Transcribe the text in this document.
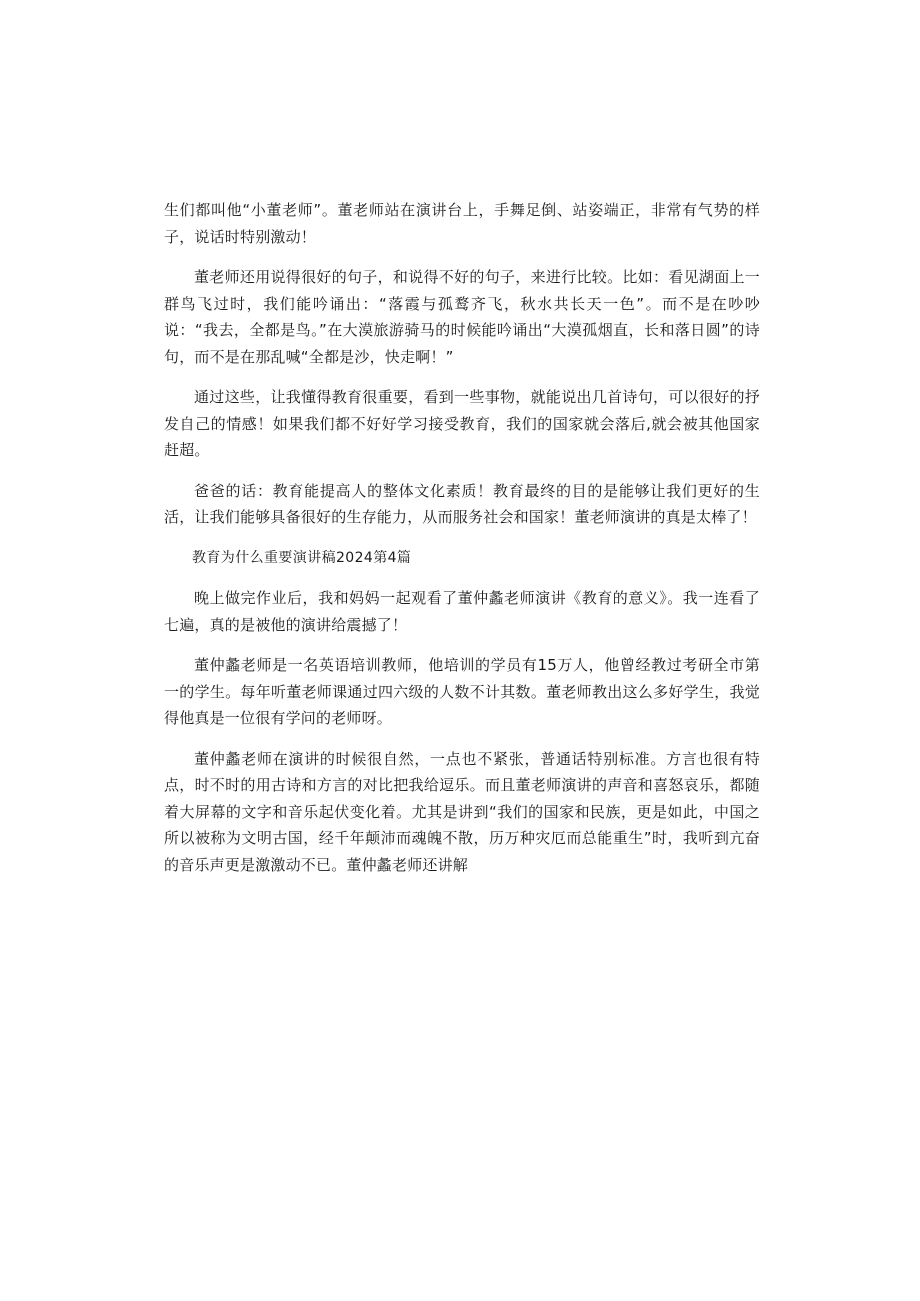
生们都叫他“小董老师”。董老师站在演讲台上，手舞足倒、站姿端正，非常有气势的样子，说话时特别激动！

董老师还用说得很好的句子，和说得不好的句子，来进行比较。比如：看见湖面上一群鸟飞过时，我们能吟诵出：“落霞与孤鹜齐飞，秋水共长天一色”。而不是在吵吵说：“我去，全都是鸟。”在大漠旅游骑马的时候能吟诵出“大漠孤烟直，长和落日圆”的诗句，而不是在那乱喊“全都是沙，快走啊！”

通过这些，让我懂得教育很重要，看到一些事物，就能说出几首诗句，可以很好的抒发自己的情感！如果我们都不好好学习接受教育，我们的国家就会落后,就会被其他国家赶超。

爸爸的话：教育能提高人的整体文化素质！教育最终的目的是能够让我们更好的生活，让我们能够具备很好的生存能力，从而服务社会和国家！董老师演讲的真是太棒了！

教育为什么重要演讲稿2024第4篇

晚上做完作业后，我和妈妈一起观看了董仲蠡老师演讲《教育的意义》。我一连看了七遍，真的是被他的演讲给震撼了！

董仲蠡老师是一名英语培训教师，他培训的学员有15万人，他曾经教过考研全市第一的学生。每年听董老师课通过四六级的人数不计其数。董老师教出这么多好学生，我觉得他真是一位很有学问的老师呀。

董仲蠡老师在演讲的时候很自然，一点也不紧张，普通话特别标准。方言也很有特点，时不时的用古诗和方言的对比把我给逗乐。而且董老师演讲的声音和喜怒哀乐，都随着大屏幕的文字和音乐起伏变化着。尤其是讲到“我们的国家和民族，更是如此，中国之所以被称为文明古国，经千年颠沛而魂魄不散，历万种灾厄而总能重生”时，我听到亢奋的音乐声更是激激动不已。董仲蠡老师还讲解
